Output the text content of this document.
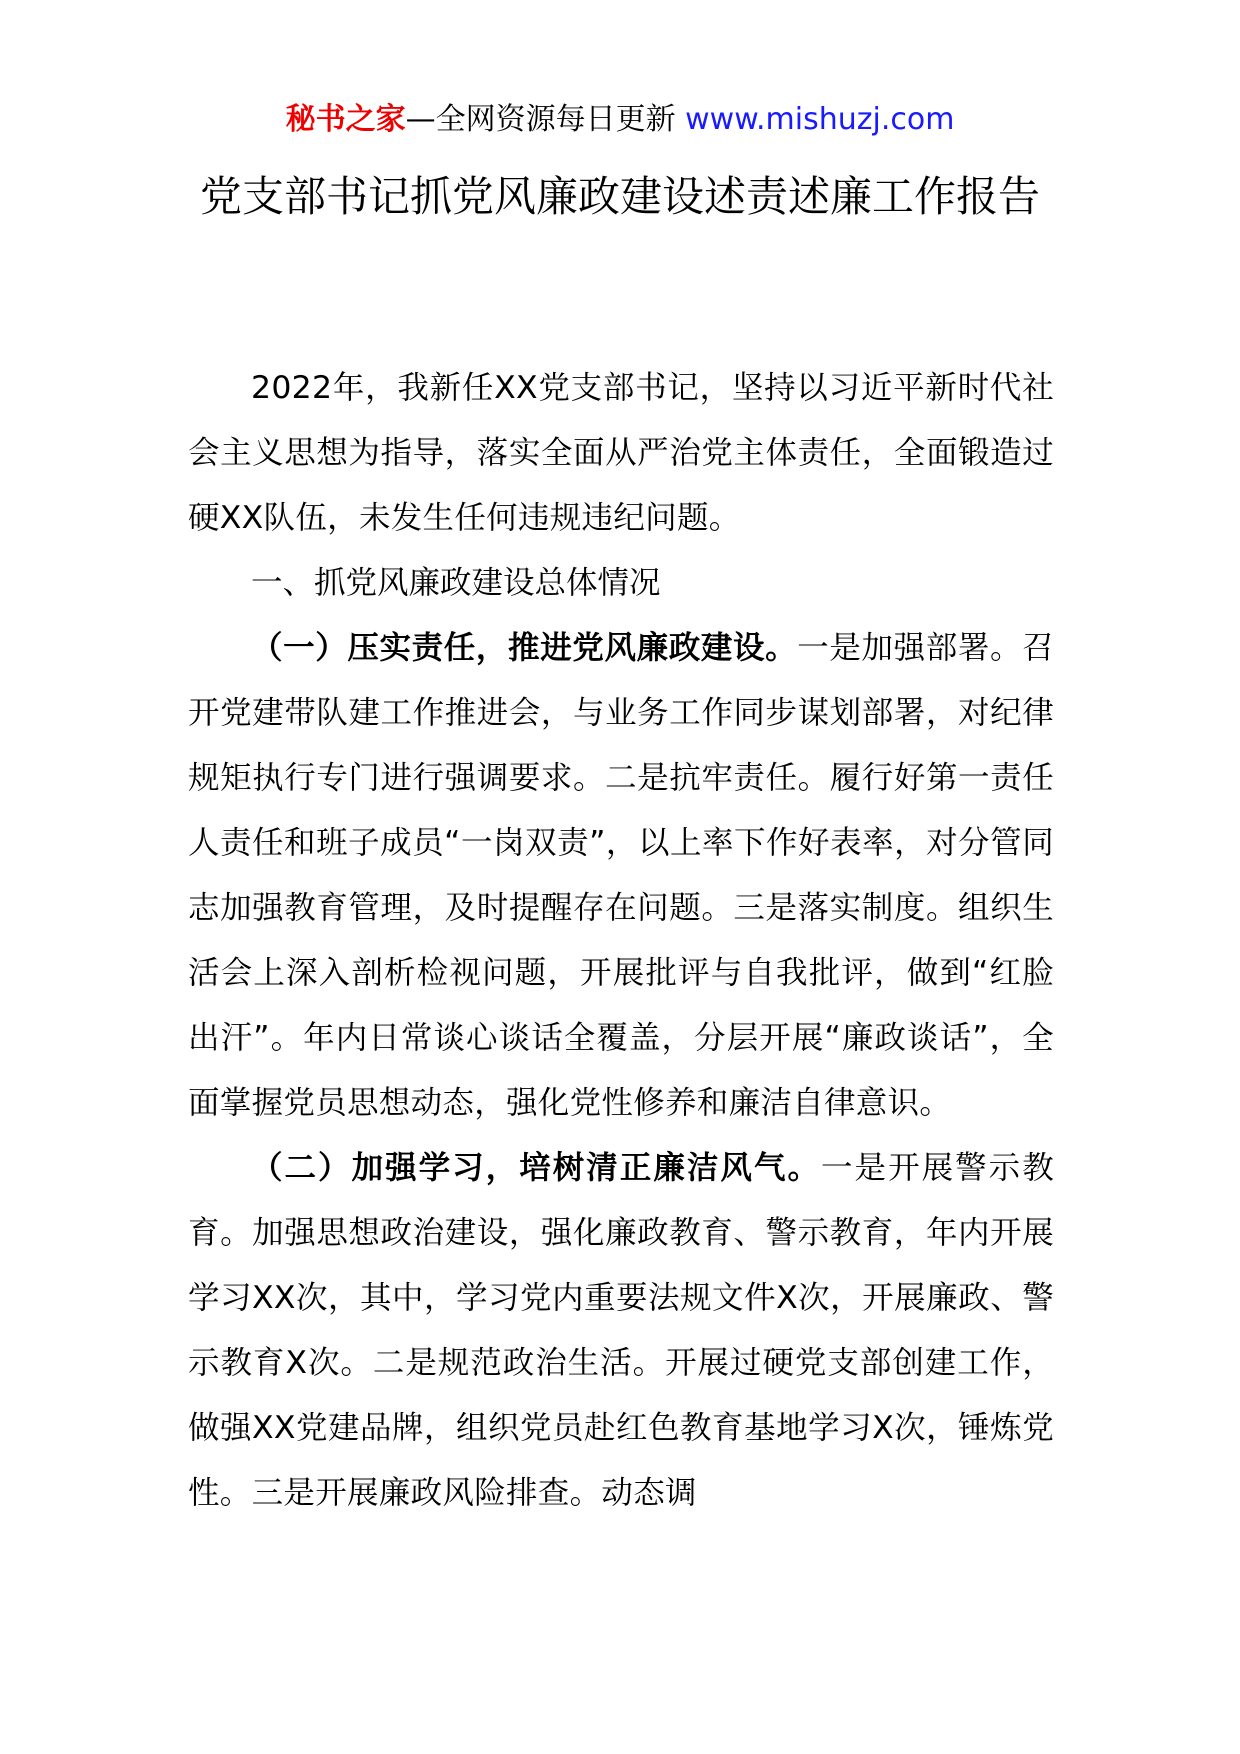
秘书之家—全网资源每日更新 www.mishuzj.com
党支部书记抓党风廉政建设述责述廉工作报告

2022年，我新任XX党支部书记，坚持以习近平新时代社会主义思想为指导，落实全面从严治党主体责任，全面锻造过硬XX队伍，未发生任何违规违纪问题。

一、抓党风廉政建设总体情况

（一）压实责任，推进党风廉政建设。一是加强部署。召开党建带队建工作推进会，与业务工作同步谋划部署，对纪律规矩执行专门进行强调要求。二是抗牢责任。履行好第一责任人责任和班子成员“一岗双责”，以上率下作好表率，对分管同志加强教育管理，及时提醒存在问题。三是落实制度。组织生活会上深入剖析检视问题，开展批评与自我批评，做到“红脸出汗”。年内日常谈心谈话全覆盖，分层开展“廉政谈话”，全面掌握党员思想动态，强化党性修养和廉洁自律意识。

（二）加强学习，培树清正廉洁风气。一是开展警示教育。加强思想政治建设，强化廉政教育、警示教育，年内开展学习XX次，其中，学习党内重要法规文件X次，开展廉政、警示教育X次。二是规范政治生活。开展过硬党支部创建工作，做强XX党建品牌，组织党员赴红色教育基地学习X次，锤炼党性。三是开展廉政风险排查。动态调
